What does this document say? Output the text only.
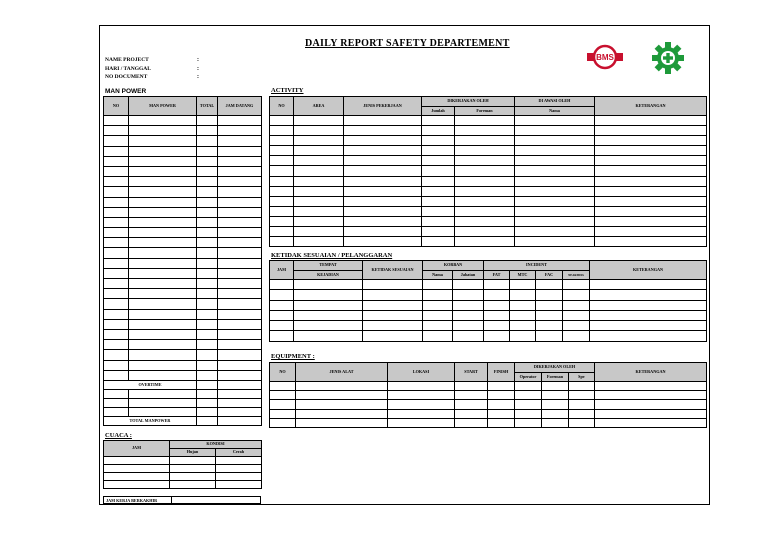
DAILY REPORT SAFETY DEPARTEMENT
NAME PROJECT	:
HARI / TANGGAL	:
NO DOCUMENT	:
BMS
MAN POWER
NO	MAN POWER	TOTAL	JAM DATANG

OVERTIME			

TOTAL MANPOWER			
CUACA :
JAM	KONDISI	
	Hujan	Cerah

JAM KERJA BERKAKHIR
ACTIVITY
NO	AREA	JENIS PEKERJAAN	DIKERJAKAN OLEH		DI AWASI OLEH	KETERANGAN
			Jumlah	Foreman	Nama	

KETIDAK SESUAIAN / PELANGGARAN
JAM	TEMPAT	KETIDAK SESUAIAN	KORBAN		INCIDENT				KETERANGAN
	KEJADIAN		Nama	Jabatan	FAT	MTC	FAC	NEARMISS	

EQUIPMENT :
NO	JENIS ALAT	LOKASI	START	FINISH	DIKERJAKAN OLEH			KETERANGAN
					Operator	Foreman	Spv	
